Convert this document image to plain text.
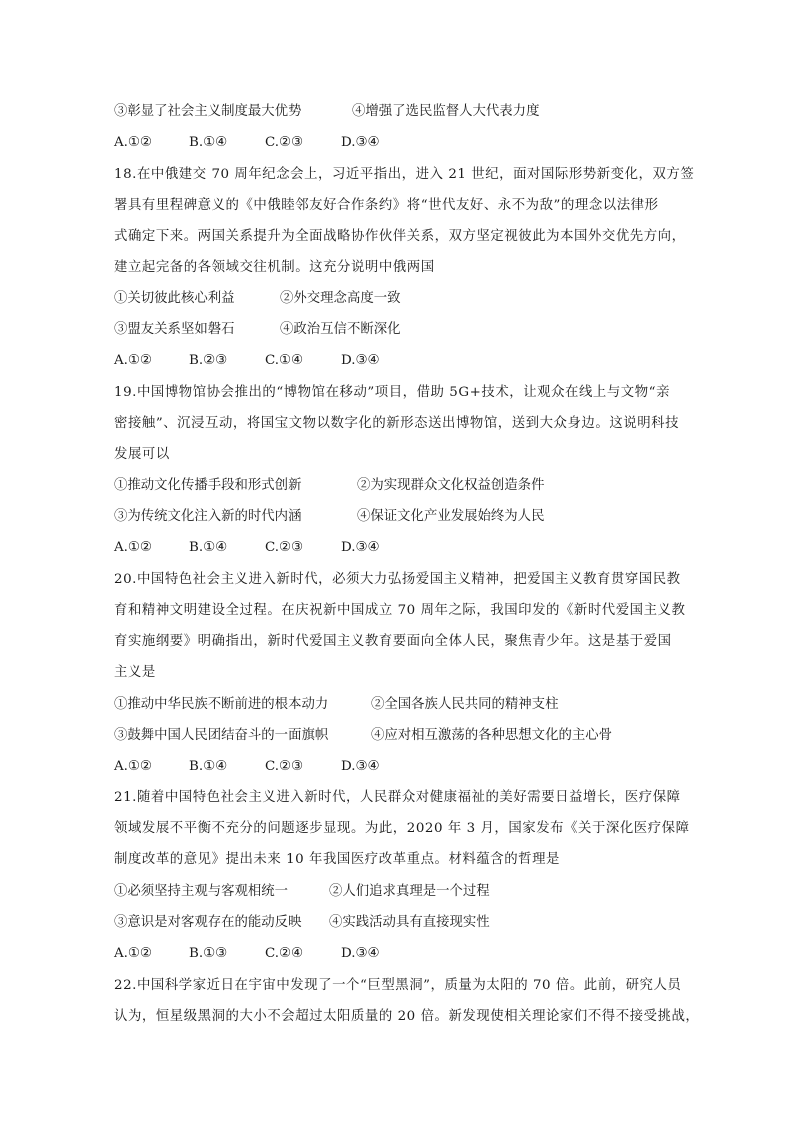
③彰显了社会主义制度最大优势	④增强了选民监督人大代表力度
A.①②	B.①④	C.②③	D.③④
18.在中俄建交 70 周年纪念会上，习近平指出，进入 21 世纪，面对国际形势新变化，双方签
署具有里程碑意义的《中俄睦邻友好合作条约》将“世代友好、永不为敌”的理念以法律形
式确定下来。两国关系提升为全面战略协作伙伴关系，双方坚定视彼此为本国外交优先方向，
建立起完备的各领域交往机制。这充分说明中俄两国
①关切彼此核心利益	②外交理念高度一致
③盟友关系坚如磐石	④政治互信不断深化
A.①②	B.②③	C.①④	D.③④
19.中国博物馆协会推出的“博物馆在移动”项目，借助 5G+技术，让观众在线上与文物“亲
密接触”、沉浸互动，将国宝文物以数字化的新形态送出博物馆，送到大众身边。这说明科技
发展可以
①推动文化传播手段和形式创新	②为实现群众文化权益创造条件
③为传统文化注入新的时代内涵	④保证文化产业发展始终为人民
A.①②	B.①④	C.②③	D.③④
20.中国特色社会主义进入新时代，必须大力弘扬爱国主义精神，把爱国主义教育贯穿国民教
育和精神文明建设全过程。在庆祝新中国成立 70 周年之际，我国印发的《新时代爱国主义教
育实施纲要》明确指出，新时代爱国主义教育要面向全体人民，聚焦青少年。这是基于爱国
主义是
①推动中华民族不断前进的根本动力	②全国各族人民共同的精神支柱
③鼓舞中国人民团结奋斗的一面旗帜	④应对相互激荡的各种思想文化的主心骨
A.①②	B.①④	C.②③	D.③④
21.随着中国特色社会主义进入新时代，人民群众对健康福祉的美好需要日益增长，医疗保障
领域发展不平衡不充分的问题逐步显现。为此，2020 年 3 月，国家发布《关于深化医疗保障
制度改革的意见》提出未来 10 年我国医疗改革重点。材料蕴含的哲理是
①必须坚持主观与客观相统一	②人们追求真理是一个过程
③意识是对客观存在的能动反映 ④实践活动具有直接现实性
A.①②	B.①③	C.②④	D.③④
22.中国科学家近日在宇宙中发现了一个“巨型黑洞”，质量为太阳的 70 倍。此前，研究人员
认为，恒星级黑洞的大小不会超过太阳质量的 20 倍。新发现使相关理论家们不得不接受挑战，
